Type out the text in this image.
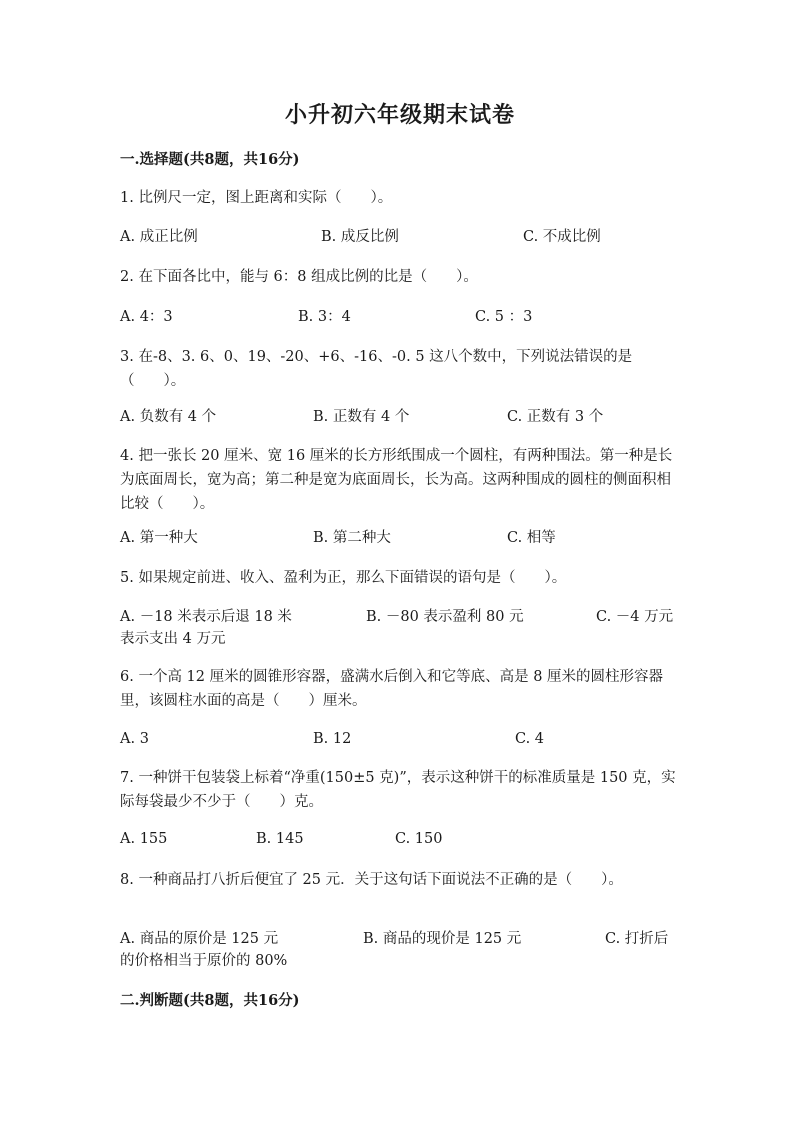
小升初六年级期末试卷
一.选择题(共8题，共16分)
1. 比例尺一定，图上距离和实际（　　）。
A. 成正比例	B. 成反比例	C. 不成比例
2. 在下面各比中，能与 6：8 组成比例的比是（　　）。
A. 4：3	B. 3：4	C. 5 ：3
3. 在-8、3. 6、0、19、-20、+6、-16、-0. 5 这八个数中，下列说法错误的是（　　）。
A. 负数有 4 个	B. 正数有 4 个	C. 正数有 3 个
4. 把一张长 20 厘米、宽 16 厘米的长方形纸围成一个圆柱，有两种围法。第一种是长为底面周长，宽为高；第二种是宽为底面周长，长为高。这两种围成的圆柱的侧面积相比较（　　）。
A. 第一种大	B. 第二种大	C. 相等
5. 如果规定前进、收入、盈利为正，那么下面错误的语句是（　　）。
A. －18 米表示后退 18 米	B. －80 表示盈利 80 元	C. －4 万元
表示支出 4 万元
6. 一个高 12 厘米的圆锥形容器，盛满水后倒入和它等底、高是 8 厘米的圆柱形容器里，该圆柱水面的高是（　　）厘米。
A. 3	B. 12	C. 4
7. 一种饼干包装袋上标着“净重(150±5 克)”，表示这种饼干的标准质量是 150 克，实际每袋最少不少于（　　）克。
A. 155	B. 145	C. 150
8. 一种商品打八折后便宜了 25 元．关于这句话下面说法不正确的是（　　）。
A. 商品的原价是 125 元	B. 商品的现价是 125 元	C. 打折后
的价格相当于原价的 80%
二.判断题(共8题，共16分)
